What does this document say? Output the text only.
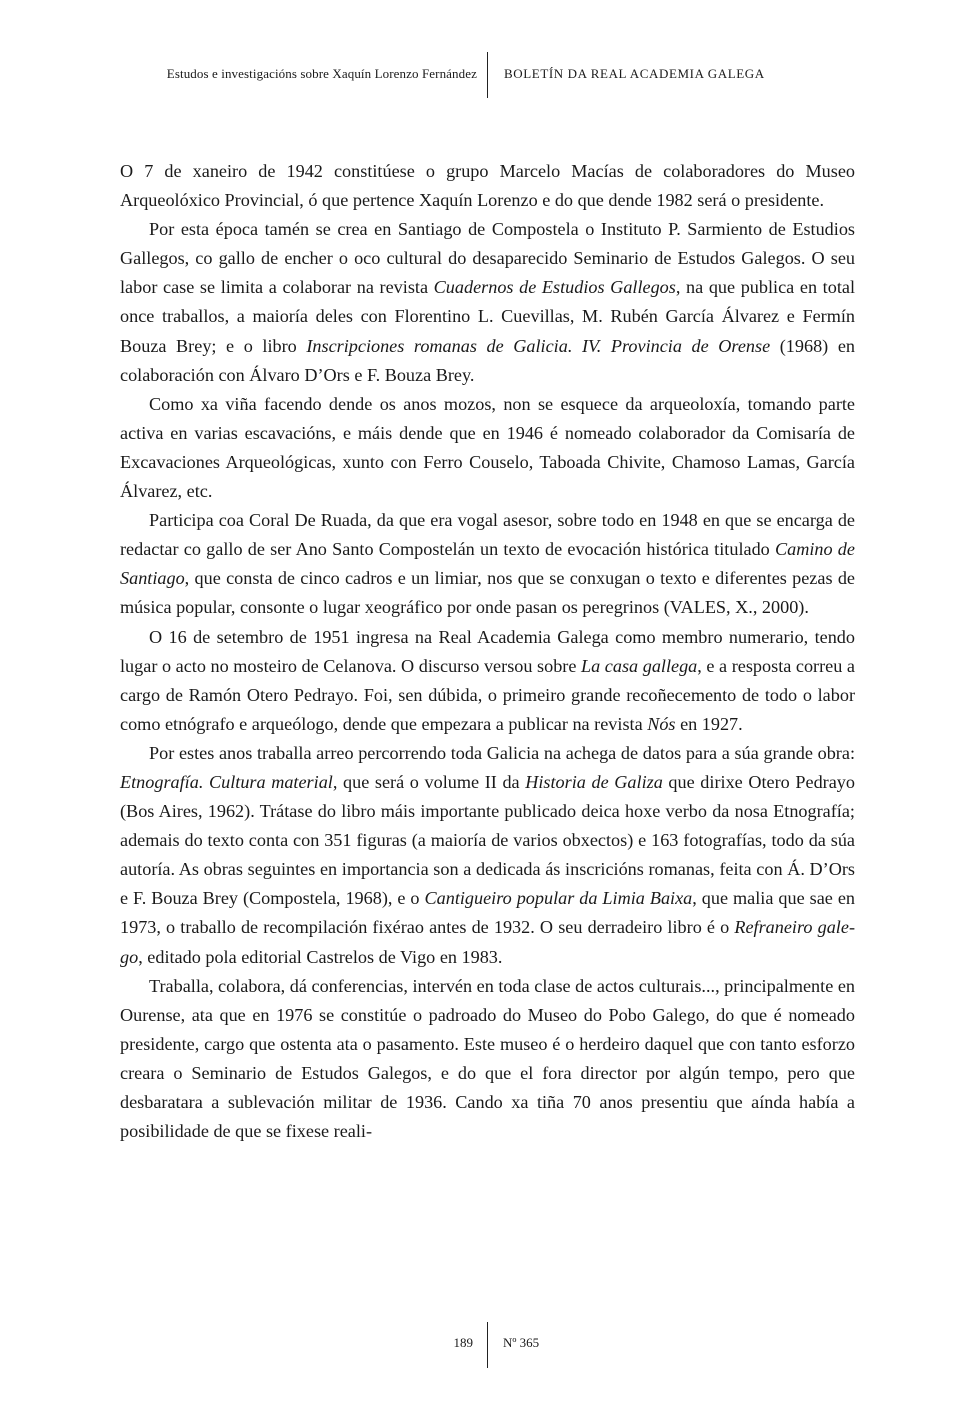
Estudos e investigacións sobre Xaquín Lorenzo Fernández BOLETÍN DA REAL ACADEMIA GALEGA

O 7 de xaneiro de 1942 constitúese o grupo Marcelo Macías de colaboradores do Museo Arqueolóxico Provincial, ó que pertence Xaquín Lorenzo e do que dende 1982 será o presidente.

Por esta época tamén se crea en Santiago de Compostela o Instituto P. Sarmiento de Estudios Gallegos, co gallo de encher o oco cultural do desaparecido Seminario de Estudos Galegos. O seu labor case se limita a colaborar na revista Cuadernos de Estudios Gallegos, na que publica en total once traballos, a maioría deles con Florentino L. Cuevillas, M. Rubén García Álvarez e Fermín Bouza Brey; e o libro Inscripciones romanas de Galicia. IV. Provincia de Orense (1968) en colaboración con Álvaro D’Ors e F. Bouza Brey.

Como xa viña facendo dende os anos mozos, non se esquece da arqueoloxía, tomando parte activa en varias escavacións, e máis dende que en 1946 é nomeado colaborador da Comisaría de Excavaciones Arqueológicas, xunto con Ferro Couselo, Taboada Chivite, Chamoso Lamas, García Álvarez, etc.

Participa coa Coral De Ruada, da que era vogal asesor, sobre todo en 1948 en que se encarga de redactar co gallo de ser Ano Santo Compostelán un texto de evocación histórica titulado Camino de Santiago, que consta de cinco cadros e un limiar, nos que se conxugan o texto e diferentes pezas de música popular, consonte o lugar xeográfico por onde pasan os peregrinos (VALES, X., 2000).

O 16 de setembro de 1951 ingresa na Real Academia Galega como membro numerario, tendo lugar o acto no mosteiro de Celanova. O discurso versou sobre La casa gallega, e a resposta correu a cargo de Ramón Otero Pedrayo. Foi, sen dúbida, o primeiro grande recoñecemento de todo o labor como etnógrafo e arqueólogo, dende que empezara a publicar na revista Nós en 1927.

Por estes anos traballa arreo percorrendo toda Galicia na achega de datos para a súa grande obra: Etnografía. Cultura material, que será o volume II da Historia de Galiza que dirixe Otero Pedrayo (Bos Aires, 1962). Trátase do libro máis importante publicado deica hoxe verbo da nosa Etnografía; ademais do texto conta con 351 figuras (a maioría de varios obxectos) e 163 fotografías, todo da súa autoría. As obras seguintes en importancia son a dedicada ás inscricións romanas, feita con Á. D’Ors e F. Bouza Brey (Compostela, 1968), e o Cantigueiro popular da Limia Baixa, que malia que sae en 1973, o traballo de recompilación fixérao antes de 1932. O seu derradeiro libro é o Refraneiro galego, editado pola editorial Castrelos de Vigo en 1983.

Traballa, colabora, dá conferencias, intervén en toda clase de actos culturais..., principalmente en Ourense, ata que en 1976 se constitúe o padroado do Museo do Pobo Galego, do que é nomeado presidente, cargo que ostenta ata o pasamento. Este museo é o herdeiro daquel que con tanto esforzo creara o Seminario de Estudos Galegos, e do que el fora director por algún tempo, pero que desbaratara a sublevación militar de 1936. Cando xa tiña 70 anos presentiu que aínda había a posibilidade de que se fixese reali-

189 Nº 365
